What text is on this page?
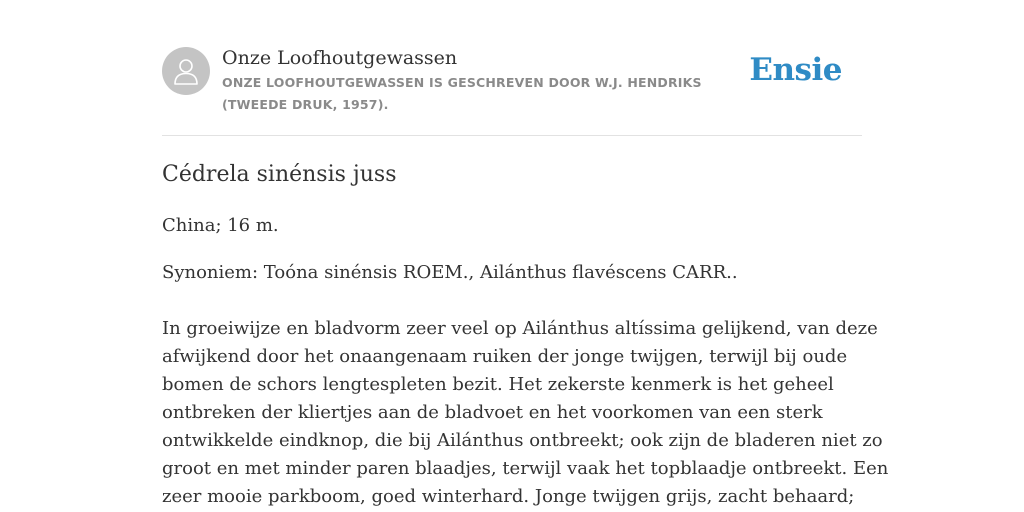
Onze Loofhoutgewassen
ONZE LOOFHOUTGEWASSEN IS GESCHREVEN DOOR W.J. HENDRIKS (TWEEDE DRUK, 1957).
Ensie
Cédrela sinénsis juss

China; 16 m.

Synoniem: Toóna sinénsis ROEM., Ailánthus flavéscens CARR..

In groeiwijze en bladvorm zeer veel op Ailánthus altíssima gelijkend, van deze
afwijkend door het onaangenaam ruiken der jonge twijgen, terwijl bij oude
bomen de schors lengtespleten bezit. Het zekerste kenmerk is het geheel
ontbreken der kliertjes aan de bladvoet en het voorkomen van een sterk
ontwikkelde eindknop, die bij Ailánthus ontbreekt; ook zijn de bladeren niet zo
groot en met minder paren blaadjes, terwijl vaak het topblaadje ontbreekt. Een
zeer mooie parkboom, goed winterhard. Jonge twijgen grijs, zacht behaard;
